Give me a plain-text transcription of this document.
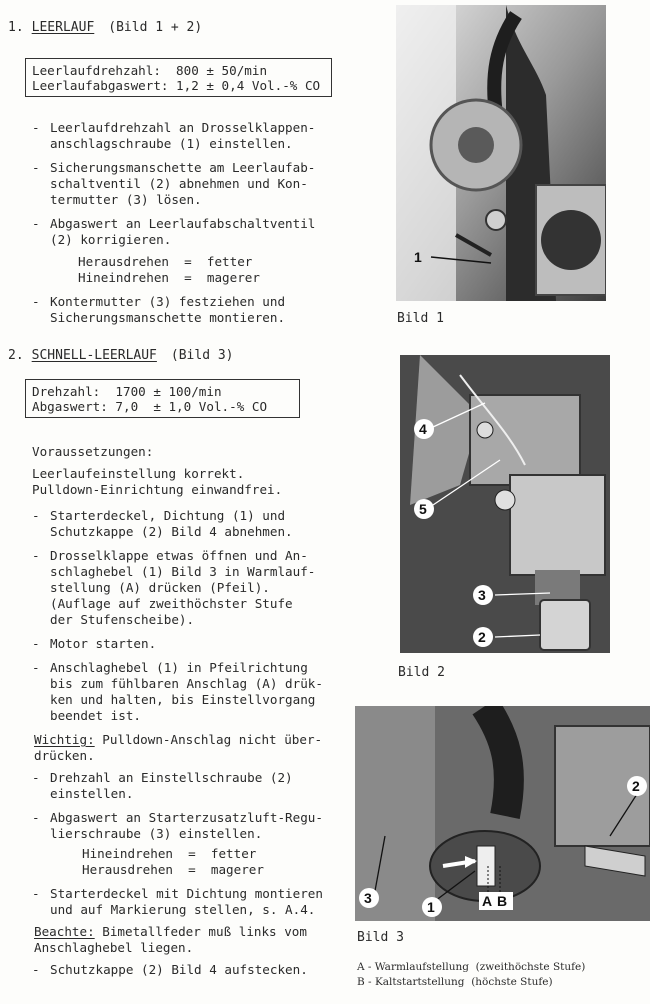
1. LEERLAUF (Bild 1 + 2)
Leerlaufdrehzahl:  800 ± 50/min
Leerlaufabgaswert: 1,2 ± 0,4 Vol.-% CO
- Leerlaufdrehzahl an Drosselklappen-
anschlagschraube (1) einstellen.
- Sicherungsmanschette am Leerlaufab-
schaltventil (2) abnehmen und Kon-
termutter (3) lösen.
- Abgaswert an Leerlaufabschaltventil
(2) korrigieren.
Herausdrehen  =  fetter
Hineindrehen  =  magerer
- Kontermutter (3) festziehen und
Sicherungsmanschette montieren.
2. SCHNELL-LEERLAUF (Bild 3)
Drehzahl:  1700 ± 100/min
Abgaswert: 7,0  ± 1,0 Vol.-% CO
Voraussetzungen:
Leerlaufeinstellung korrekt.
Pulldown-Einrichtung einwandfrei.
- Starterdeckel, Dichtung (1) und
Schutzkappe (2) Bild 4 abnehmen.
- Drosselklappe etwas öffnen und An-
schlaghebel (1) Bild 3 in Warmlauf-
stellung (A) drücken (Pfeil).
(Auflage auf zweithöchster Stufe
der Stufenscheibe).
- Motor starten.
- Anschlaghebel (1) in Pfeilrichtung
bis zum fühlbaren Anschlag (A) drük-
ken und halten, bis Einstellvorgang
beendet ist.
Wichtig: Pulldown-Anschlag nicht über-
drücken.
- Drehzahl an Einstellschraube (2)
einstellen.
- Abgaswert an Starterzusatzluft-Regu-
lierschraube (3) einstellen.
Hineindrehen  =  fetter
Herausdrehen  =  magerer
- Starterdeckel mit Dichtung montieren
und auf Markierung stellen, s. A.4.
Beachte: Bimetallfeder muß links vom
Anschlaghebel liegen.
- Schutzkappe (2) Bild 4 aufstecken.
1
Bild 1
4
5
3
2
Bild 2
2
3
1	A B
Bild 3
A - Warmlaufstellung  (zweithöchste Stufe)
B - Kaltstartstellung  (höchste Stufe)
